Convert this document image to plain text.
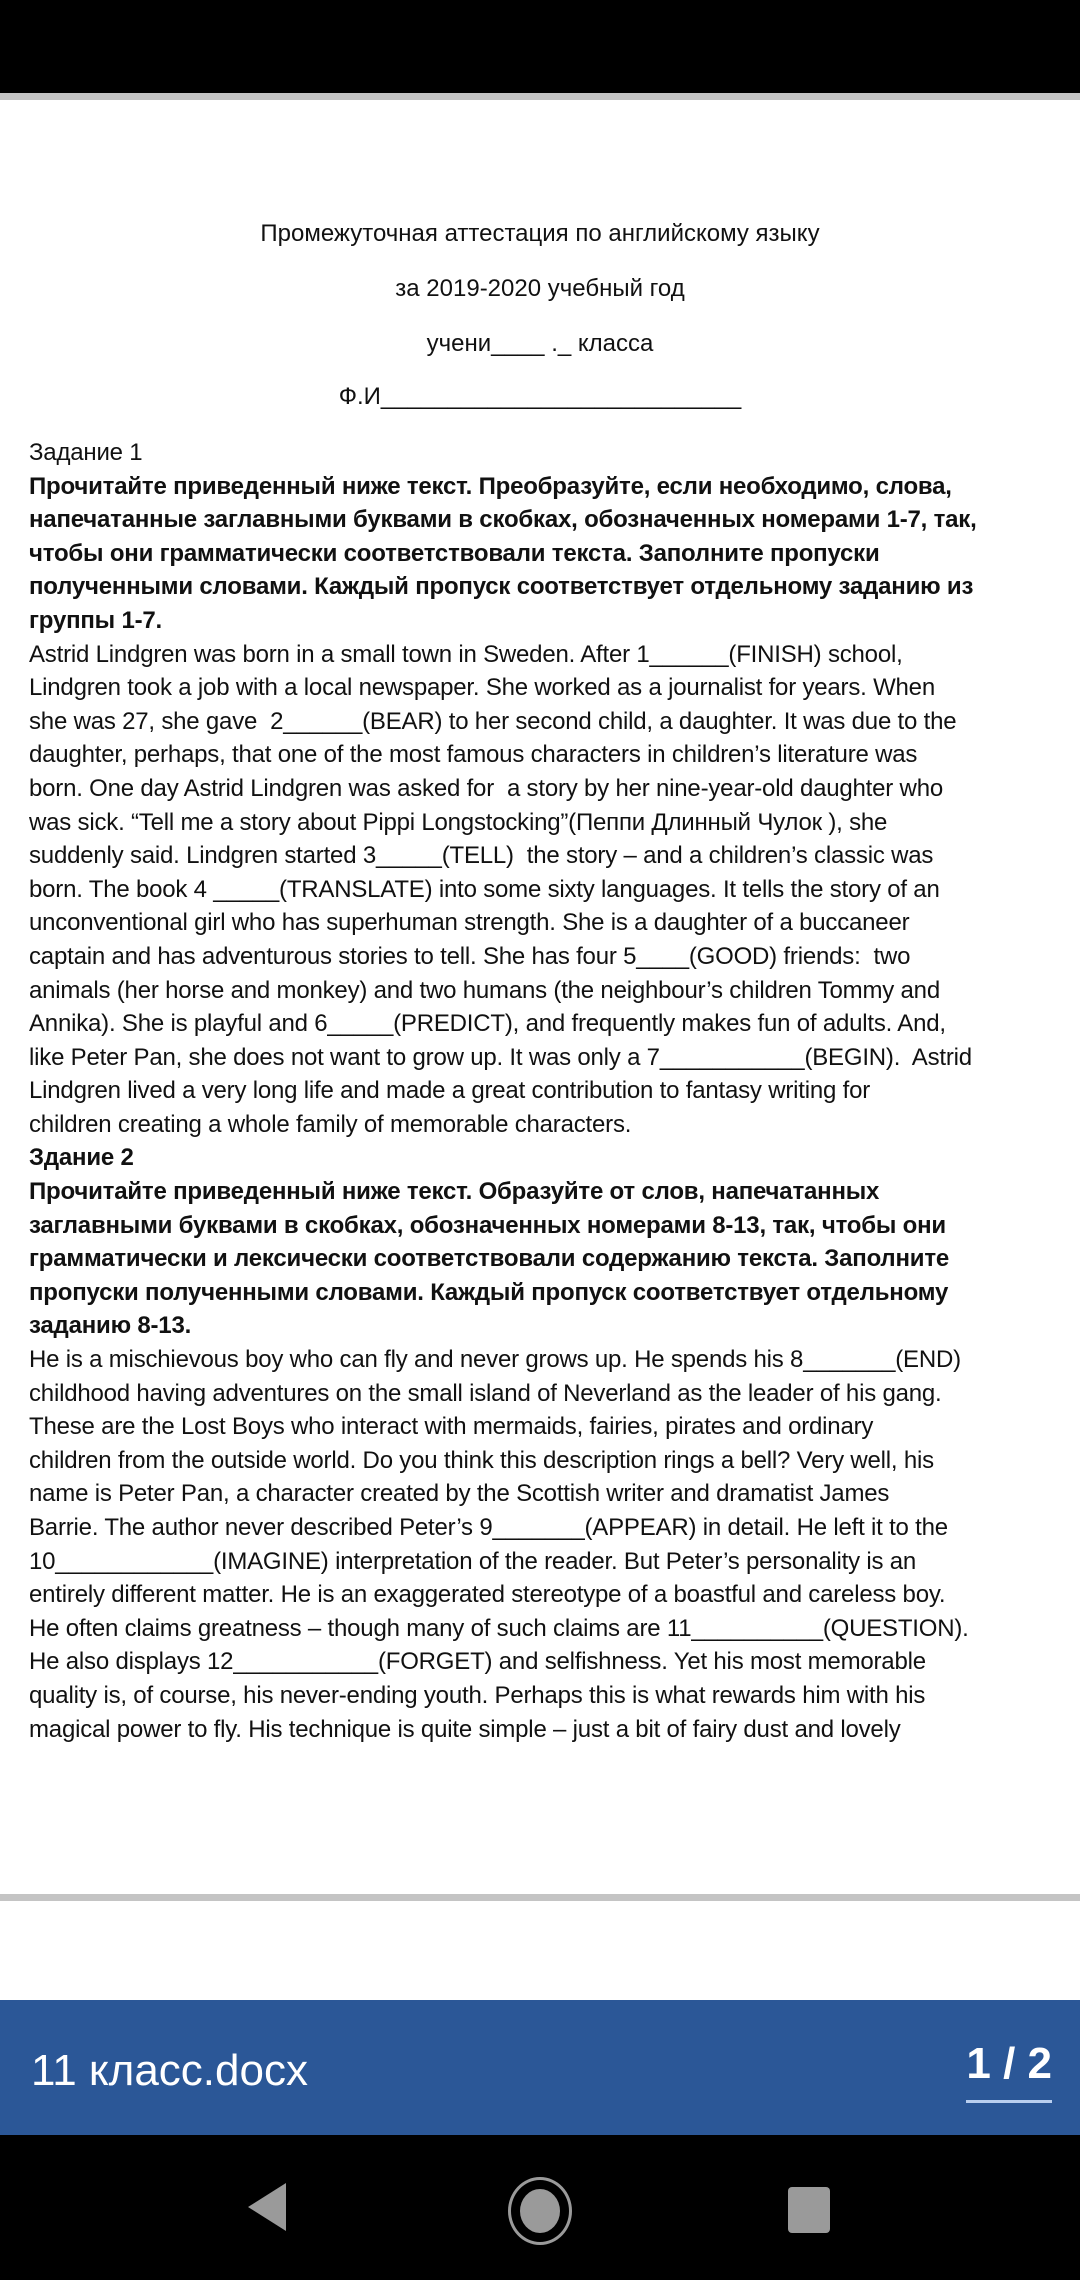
Промежуточная аттестация по английскому языку
за 2019-2020 учебный год
учени____ ._ класса
Ф.И___________________________
Задание 1
Прочитайте приведенный ниже текст. Преобразуйте, если необходимо, слова,
напечатанные заглавными буквами в скобках, обозначенных номерами 1-7, так,
чтобы они грамматически соответствовали текста. Заполните пропуски
полученными словами. Каждый пропуск соответствует отдельному заданию из
группы 1-7.
Astrid Lindgren was born in a small town in Sweden. After 1______(FINISH) school,
Lindgren took a job with a local newspaper. She worked as a journalist for years. When
she was 27, she gave  2______(BEAR) to her second child, a daughter. It was due to the
daughter, perhaps, that one of the most famous characters in children’s literature was
born. One day Astrid Lindgren was asked for  a story by her nine-year-old daughter who
was sick. “Tell me a story about Pippi Longstocking”(Пеппи Длинный Чулок ), she
suddenly said. Lindgren started 3_____(TELL)  the story – and a children’s classic was
born. The book 4 _____(TRANSLATE) into some sixty languages. It tells the story of an
unconventional girl who has superhuman strength. She is a daughter of a buccaneer
captain and has adventurous stories to tell. She has four 5____(GOOD) friends:  two
animals (her horse and monkey) and two humans (the neighbour’s children Tommy and
Annika). She is playful and 6_____(PREDICT), and frequently makes fun of adults. And,
like Peter Pan, she does not want to grow up. It was only a 7___________(BEGIN).  Astrid
Lindgren lived a very long life and made a great contribution to fantasy writing for
children creating a whole family of memorable characters.
Здание 2
Прочитайте приведенный ниже текст. Образуйте от слов, напечатанных
заглавными буквами в скобках, обозначенных номерами 8-13, так, чтобы они
грамматически и лексически соответствовали содержанию текста. Заполните
пропуски полученными словами. Каждый пропуск соответствует отдельному
заданию 8-13.
He is a mischievous boy who can fly and never grows up. He spends his 8_______(END)
childhood having adventures on the small island of Neverland as the leader of his gang.
These are the Lost Boys who interact with mermaids, fairies, pirates and ordinary
children from the outside world. Do you think this description rings a bell? Very well, his
name is Peter Pan, a character created by the Scottish writer and dramatist James
Barrie. The author never described Peter’s 9_______(APPEAR) in detail. He left it to the
10____________(IMAGINE) interpretation of the reader. But Peter’s personality is an
entirely different matter. He is an exaggerated stereotype of a boastful and careless boy.
He often claims greatness – though many of such claims are 11__________(QUESTION).
He also displays 12___________(FORGET) and selfishness. Yet his most memorable
quality is, of course, his never-ending youth. Perhaps this is what rewards him with his
magical power to fly. His technique is quite simple – just a bit of fairy dust and lovely
11 класс.docx	1 / 2
